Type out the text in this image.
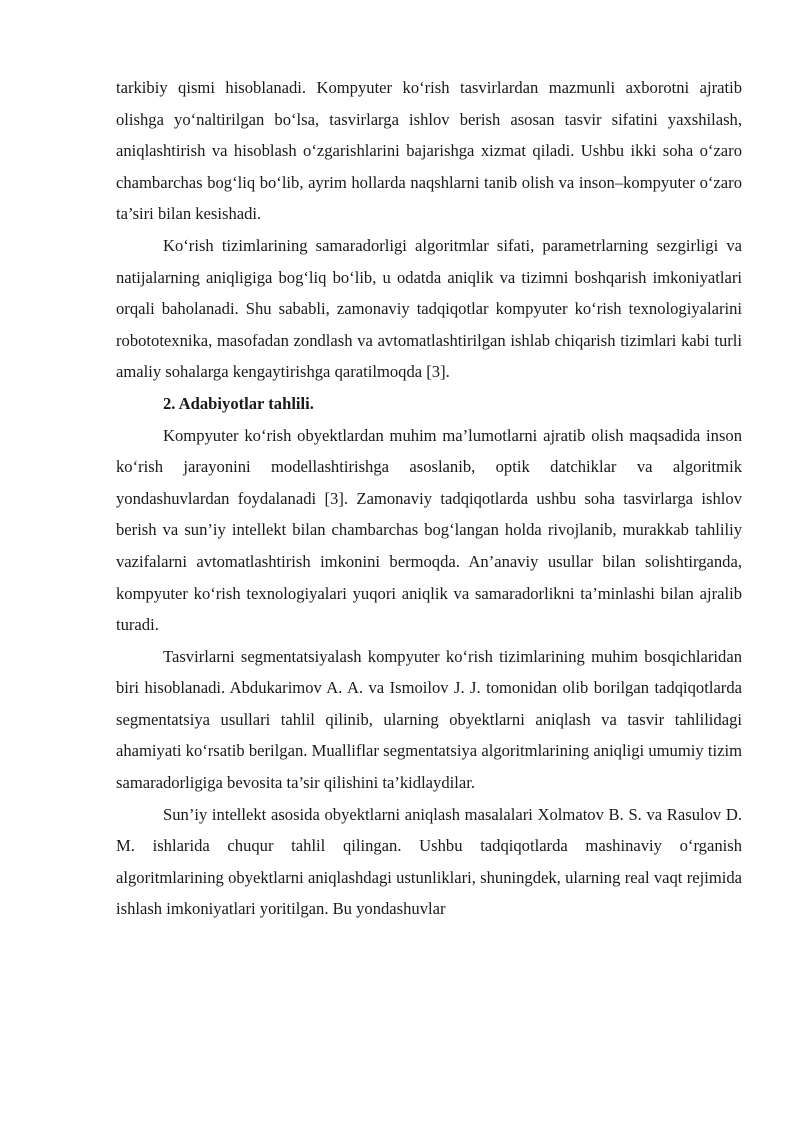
tarkibiy qismi hisoblanadi. Kompyuter ko‘rish tasvirlardan mazmunli axborotni ajratib olishga yo‘naltirilgan bo‘lsa, tasvirlarga ishlov berish asosan tasvir sifatini yaxshilash, aniqlashtirish va hisoblash o‘zgarishlarini bajarishga xizmat qiladi. Ushbu ikki soha o‘zaro chambarchas bog‘liq bo‘lib, ayrim hollarda naqshlarni tanib olish va inson–kompyuter o‘zaro ta’siri bilan kesishadi.

Ko‘rish tizimlarining samaradorligi algoritmlar sifati, parametrlarning sezgirligi va natijalarning aniqligiga bog‘liq bo‘lib, u odatda aniqlik va tizimni boshqarish imkoniyatlari orqali baholanadi. Shu sababli, zamonaviy tadqiqotlar kompyuter ko‘rish texnologiyalarini robototexnika, masofadan zondlash va avtomatlashtirilgan ishlab chiqarish tizimlari kabi turli amaliy sohalarga kengaytirishga qaratilmoqda [3].

2. Adabiyotlar tahlili.

Kompyuter ko‘rish obyektlardan muhim ma’lumotlarni ajratib olish maqsadida inson ko‘rish jarayonini modellashtirishga asoslanib, optik datchiklar va algoritmik yondashuvlardan foydalanadi [3]. Zamonaviy tadqiqotlarda ushbu soha tasvirlarga ishlov berish va sun’iy intellekt bilan chambarchas bog‘langan holda rivojlanib, murakkab tahliliy vazifalarni avtomatlashtirish imkonini bermoqda. An’anaviy usullar bilan solishtirganda, kompyuter ko‘rish texnologiyalari yuqori aniqlik va samaradorlikni ta’minlashi bilan ajralib turadi.

Tasvirlarni segmentatsiyalash kompyuter ko‘rish tizimlarining muhim bosqichlaridan biri hisoblanadi. Abdukarimov A. A. va Ismoilov J. J. tomonidan olib borilgan tadqiqotlarda segmentatsiya usullari tahlil qilinib, ularning obyektlarni aniqlash va tasvir tahlilidagi ahamiyati ko‘rsatib berilgan. Mualliflar segmentatsiya algoritmlarining aniqligi umumiy tizim samaradorligiga bevosita ta’sir qilishini ta’kidlaydilar.

Sun’iy intellekt asosida obyektlarni aniqlash masalalari Xolmatov B. S. va Rasulov D. M. ishlarida chuqur tahlil qilingan. Ushbu tadqiqotlarda mashinaviy o‘rganish algoritmlarining obyektlarni aniqlashdagi ustunliklari, shuningdek, ularning real vaqt rejimida ishlash imkoniyatlari yoritilgan. Bu yondashuvlar
